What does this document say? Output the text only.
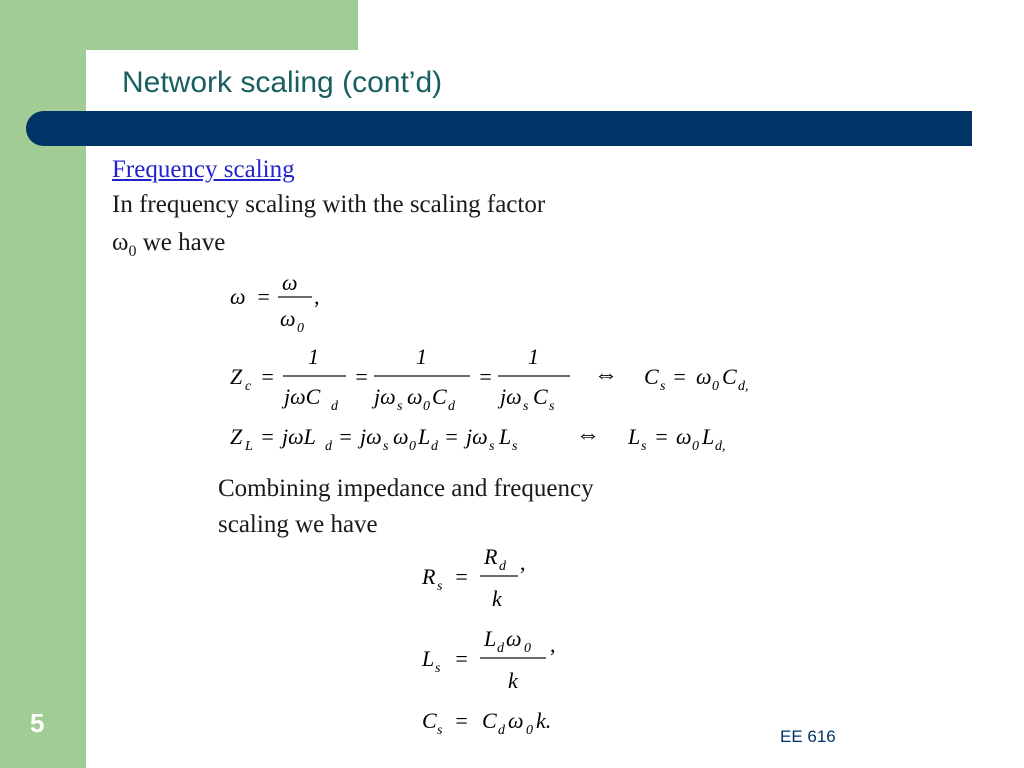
Network scaling (cont’d)
Frequency scaling
In frequency scaling with the scaling factor
$\omega_0$ we have
ω =
ω
ω 0
,
Z c =
1
jωC d
=
1
jω s ω 0 C d
=
1
jω s C s
⇔ C s = ω 0 C d,
Z L = jωL d = jω s ω 0 L d = jω s L s ⇔ L s = ω 0 L d,
Combining impedance and frequency
scaling we have
R s =
R d
k
,
L s =
L d ω 0
k
,
C s = C d ω 0 k.
5	EE 616
